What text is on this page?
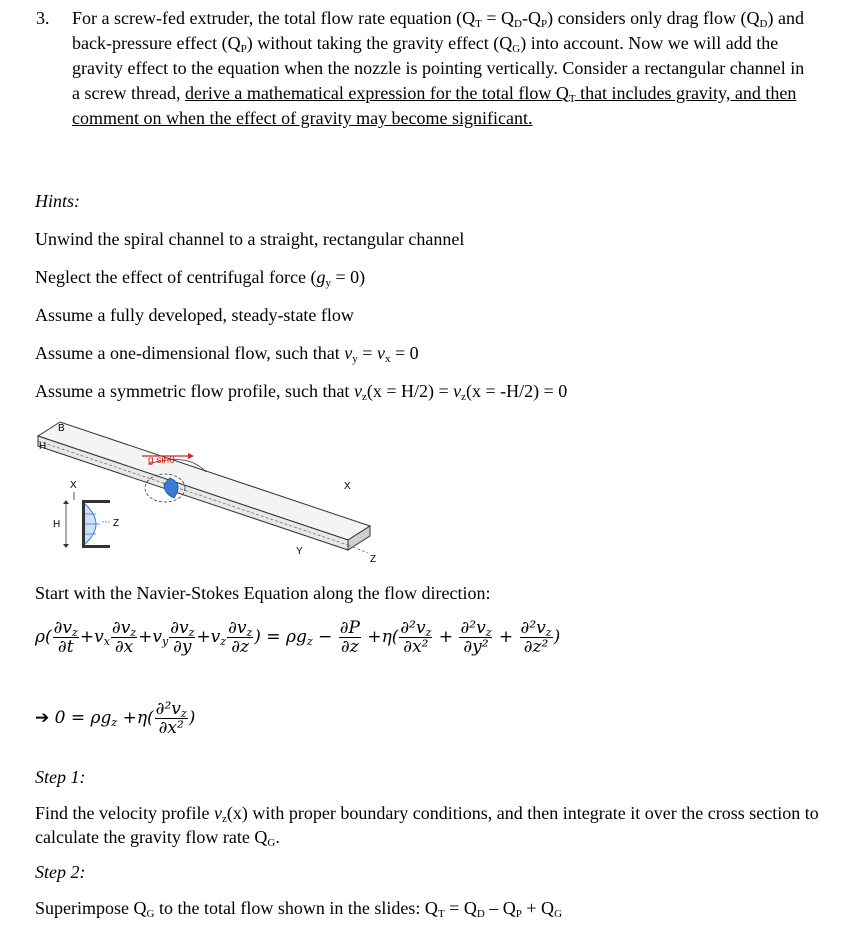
3. For a screw-fed extruder, the total flow rate equation $(Q_T = Q_D-Q_P)$ considers only drag flow $(Q_D)$ and back-pressure effect $(Q_P)$ without taking the gravity effect $(Q_G)$ into account. Now we will add the gravity effect to the equation when the nozzle is pointing vertically. Consider a rectangular channel in a screw thread, derive a mathematical expression for the total flow $Q_T$ that includes gravity, and then comment on when the effect of gravity may become significant.
Hints:
Unwind the spiral channel to a straight, rectangular channel
Neglect the effect of centrifugal force $(g_y = 0)$
Assume a fully developed, steady-state flow
Assume a one-dimensional flow, such that $v_y = v_x = 0$
Assume a symmetric flow profile, such that $v_z(x = H/2) = v_z(x = -H/2) = 0$
g sinθ
B
H
X
Y
Z
X
H	Z
Start with the Navier-Stokes Equation along the flow direction:
$\rho( \frac{\partial v_z}{\partial t} +v_x \frac{\partial v_z}{\partial x} +v_y \frac{\partial v_z}{\partial y} +v_z \frac{\partial v_z}{\partial z}$ ) = $\rho g_z - \frac{\partial P}{\partial z} +\eta( \frac{\partial^2v_z}{\text{∂x²}} + \frac{\partial^2v_z}{\text{∂y²}} + \frac{\partial^2v_z}{\text{∂z²}}$ )
➔ $0 = \rho g_z +\eta( \frac{\partial^2v_z}{\text{∂x²}}$ )
Step 1:
Find the velocity profile $v_z(x)$ with proper boundary conditions, and then integrate it over the cross section to calculate the gravity flow rate $Q_G$.
Step 2:
Superimpose $Q_G$ to the total flow shown in the slides: $Q_T = Q_D - Q_P + Q_G$
